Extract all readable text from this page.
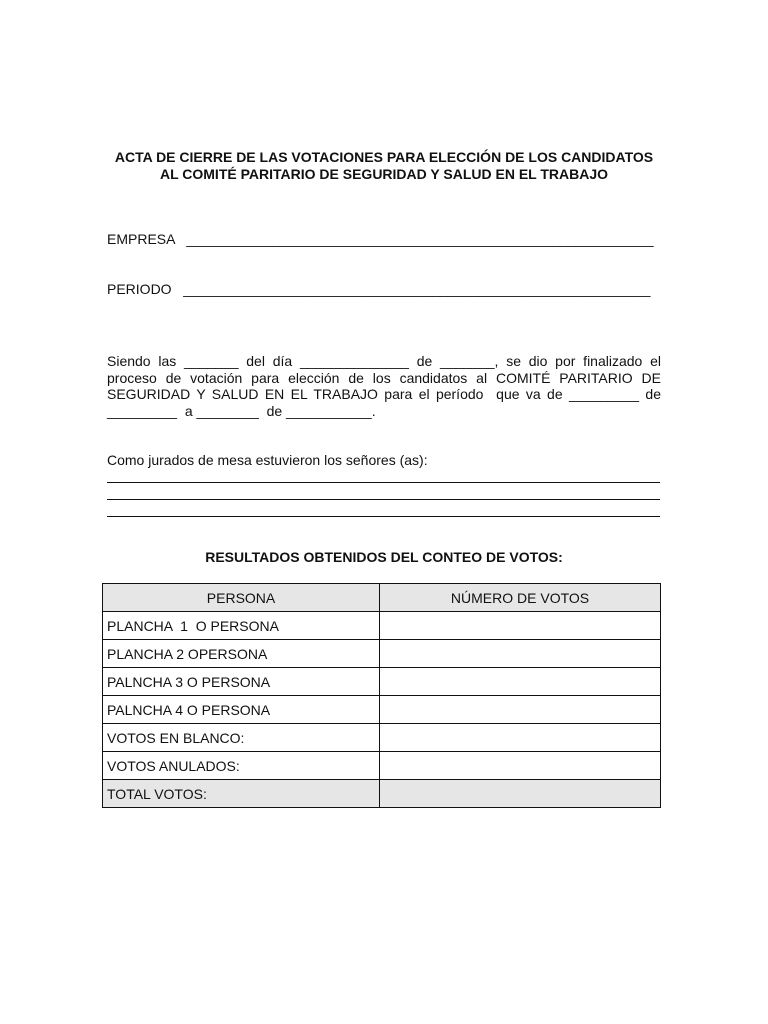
ACTA DE CIERRE DE LAS VOTACIONES PARA ELECCIÓN DE LOS CANDIDATOS
AL COMITÉ PARITARIO DE SEGURIDAD Y SALUD EN EL TRABAJO
EMPRESA   ____________________________________________________________
PERIODO   ____________________________________________________________
Siendo las _______ del día ______________ de _______, se dio por finalizado el
proceso de votación para elección de los candidatos al COMITÉ PARITARIO DE
SEGURIDAD Y SALUD EN EL TRABAJO para el período  que va de _________ de
_________  a ________  de ___________.
Como jurados de mesa estuvieron los señores (as):
RESULTADOS OBTENIDOS DEL CONTEO DE VOTOS:
PERSONA	NÚMERO DE VOTOS
PLANCHA  1  O PERSONA	
PLANCHA 2 OPERSONA	
PALNCHA 3 O PERSONA	
PALNCHA 4 O PERSONA	
VOTOS EN BLANCO:	
VOTOS ANULADOS:	
TOTAL VOTOS:	
